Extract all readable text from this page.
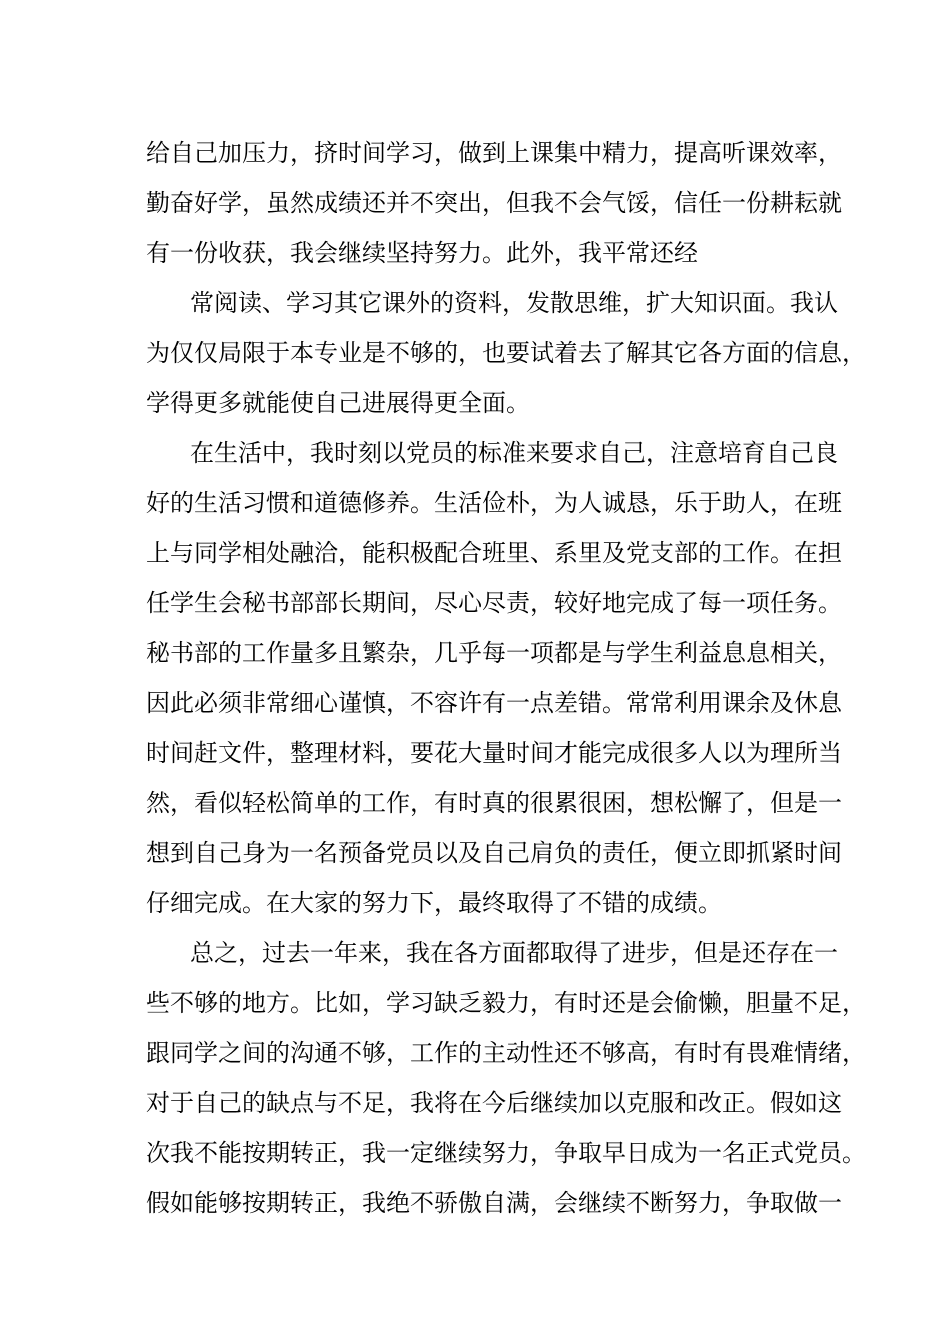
给自己加压力，挤时间学习，做到上课集中精力，提高听课效率，
勤奋好学，虽然成绩还并不突出，但我不会气馁，信任一份耕耘就
有一份收获，我会继续坚持努力。此外，我平常还经
常阅读、学习其它课外的资料，发散思维，扩大知识面。我认
为仅仅局限于本专业是不够的，也要试着去了解其它各方面的信息，
学得更多就能使自己进展得更全面。
在生活中，我时刻以党员的标准来要求自己，注意培育自己良
好的生活习惯和道德修养。生活俭朴，为人诚恳，乐于助人，在班
上与同学相处融洽，能积极配合班里、系里及党支部的工作。在担
任学生会秘书部部长期间，尽心尽责，较好地完成了每一项任务。
秘书部的工作量多且繁杂，几乎每一项都是与学生利益息息相关，
因此必须非常细心谨慎，不容许有一点差错。常常利用课余及休息
时间赶文件，整理材料，要花大量时间才能完成很多人以为理所当
然，看似轻松简单的工作，有时真的很累很困，想松懈了，但是一
想到自己身为一名预备党员以及自己肩负的责任，便立即抓紧时间
仔细完成。在大家的努力下，最终取得了不错的成绩。
总之，过去一年来，我在各方面都取得了进步，但是还存在一
些不够的地方。比如，学习缺乏毅力，有时还是会偷懒，胆量不足，
跟同学之间的沟通不够，工作的主动性还不够高，有时有畏难情绪，
对于自己的缺点与不足，我将在今后继续加以克服和改正。假如这
次我不能按期转正，我一定继续努力，争取早日成为一名正式党员。
假如能够按期转正，我绝不骄傲自满，会继续不断努力，争取做一
